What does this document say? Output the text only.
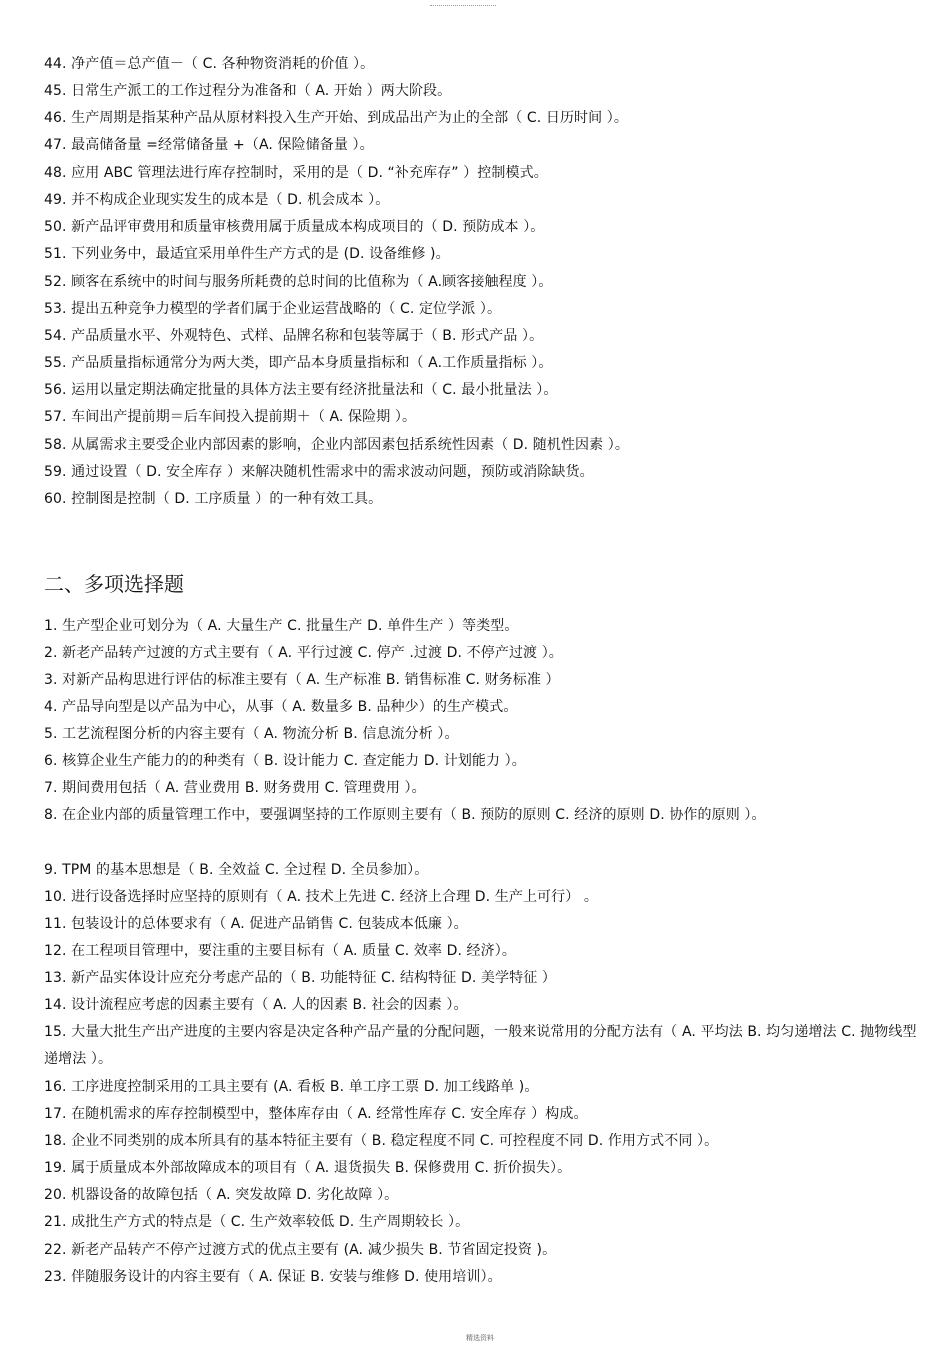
44. 净产值＝总产值－（ C. 各种物资消耗的价值 ）。
45. 日常生产派工的工作过程分为准备和（ A. 开始 ）两大阶段。
46. 生产周期是指某种产品从原材料投入生产开始、到成品出产为止的全部（ C. 日历时间 ）。
47. 最高储备量 =经常储备量 +（A. 保险储备量 ）。
48. 应用 ABC 管理法进行库存控制时，采用的是（ D. “补充库存” ）控制模式。
49. 并不构成企业现实发生的成本是（ D. 机会成本 ）。
50. 新产品评审费用和质量审核费用属于质量成本构成项目的（ D. 预防成本 ）。
51. 下列业务中，最适宜采用单件生产方式的是 (D. 设备维修 )。
52. 顾客在系统中的时间与服务所耗费的总时间的比值称为（ A.顾客接触程度 ）。
53. 提出五种竞争力模型的学者们属于企业运营战略的（ C. 定位学派 ）。
54. 产品质量水平、外观特色、式样、品牌名称和包装等属于（ B. 形式产品 ）。
55. 产品质量指标通常分为两大类，即产品本身质量指标和（ A.工作质量指标 ）。
56. 运用以量定期法确定批量的具体方法主要有经济批量法和（ C. 最小批量法 ）。
57. 车间出产提前期＝后车间投入提前期＋（ A. 保险期 ）。
58. 从属需求主要受企业内部因素的影响，企业内部因素包括系统性因素（ D. 随机性因素 ）。
59. 通过设置（ D. 安全库存 ）来解决随机性需求中的需求波动问题，预防或消除缺货。
60. 控制图是控制（ D. 工序质量 ）的一种有效工具。
二、多项选择题
1. 生产型企业可划分为（ A. 大量生产 C. 批量生产 D. 单件生产 ）等类型。
2. 新老产品转产过渡的方式主要有（ A. 平行过渡 C. 停产 .过渡 D. 不停产过渡 ）。
3. 对新产品构思进行评估的标准主要有（ A. 生产标准 B. 销售标准 C. 财务标准 ）
4. 产品导向型是以产品为中心，从事（ A. 数量多 B. 品种少）的生产模式。
5. 工艺流程图分析的内容主要有（ A. 物流分析 B. 信息流分析 ）。
6. 核算企业生产能力的的种类有（ B. 设计能力 C. 查定能力 D. 计划能力 ）。
7. 期间费用包括（ A. 营业费用 B. 财务费用 C. 管理费用 ）。
8. 在企业内部的质量管理工作中，要强调坚持的工作原则主要有（ B. 预防的原则 C. 经济的原则 D. 协作的原则 ）。
9. TPM 的基本思想是（ B. 全效益 C. 全过程 D. 全员参加）。
10. 进行设备选择时应坚持的原则有（ A. 技术上先进 C. 经济上合理 D. 生产上可行） 。
11. 包装设计的总体要求有（ A. 促进产品销售 C. 包装成本低廉 ）。
12. 在工程项目管理中，要注重的主要目标有（ A. 质量 C. 效率 D. 经济）。
13. 新产品实体设计应充分考虑产品的（ B. 功能特征 C. 结构特征 D. 美学特征 ）
14. 设计流程应考虑的因素主要有（ A. 人的因素 B. 社会的因素 ）。
15. 大量大批生产出产进度的主要内容是决定各种产品产量的分配问题，一般来说常用的分配方法有（ A. 平均法 B. 均匀递增法 C. 抛物线型递增法 ）。
16. 工序进度控制采用的工具主要有 (A. 看板 B. 单工序工票 D. 加工线路单 )。
17. 在随机需求的库存控制模型中，整体库存由（ A. 经常性库存 C. 安全库存 ）构成。
18. 企业不同类别的成本所具有的基本特征主要有（ B. 稳定程度不同 C. 可控程度不同 D. 作用方式不同 ）。
19. 属于质量成本外部故障成本的项目有（ A. 退货损失 B. 保修费用 C. 折价损失）。
20. 机器设备的故障包括（ A. 突发故障 D. 劣化故障 ）。
21. 成批生产方式的特点是（ C. 生产效率较低 D. 生产周期较长 ）。
22. 新老产品转产不停产过渡方式的优点主要有 (A. 减少损失 B. 节省固定投资 )。
23. 伴随服务设计的内容主要有（ A. 保证 B. 安装与维修 D. 使用培训）。
精选资料
